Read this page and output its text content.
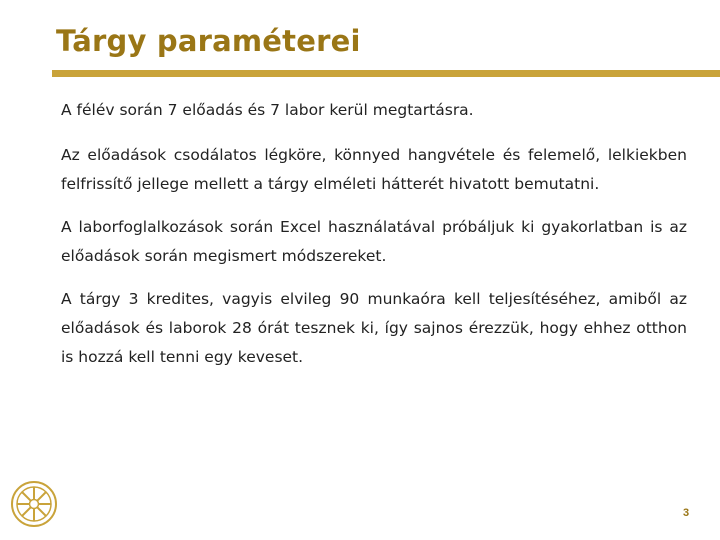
Tárgy paraméterei

A félév során 7 előadás és 7 labor kerül megtartásra.

Az előadások csodálatos légköre, könnyed hangvétele és felemelő, lelkiekben felfrissítő jellege mellett a tárgy elméleti hátterét hivatott bemutatni.

A laborfoglalkozások során Excel használatával próbáljuk ki gyakorlatban is az előadások során megismert módszereket.

A tárgy 3 kredites, vagyis elvileg 90 munkaóra kell teljesítéséhez, amiből az előadások és laborok 28 órát tesznek ki, így sajnos érezzük, hogy ehhez otthon is hozzá kell tenni egy keveset.

3
